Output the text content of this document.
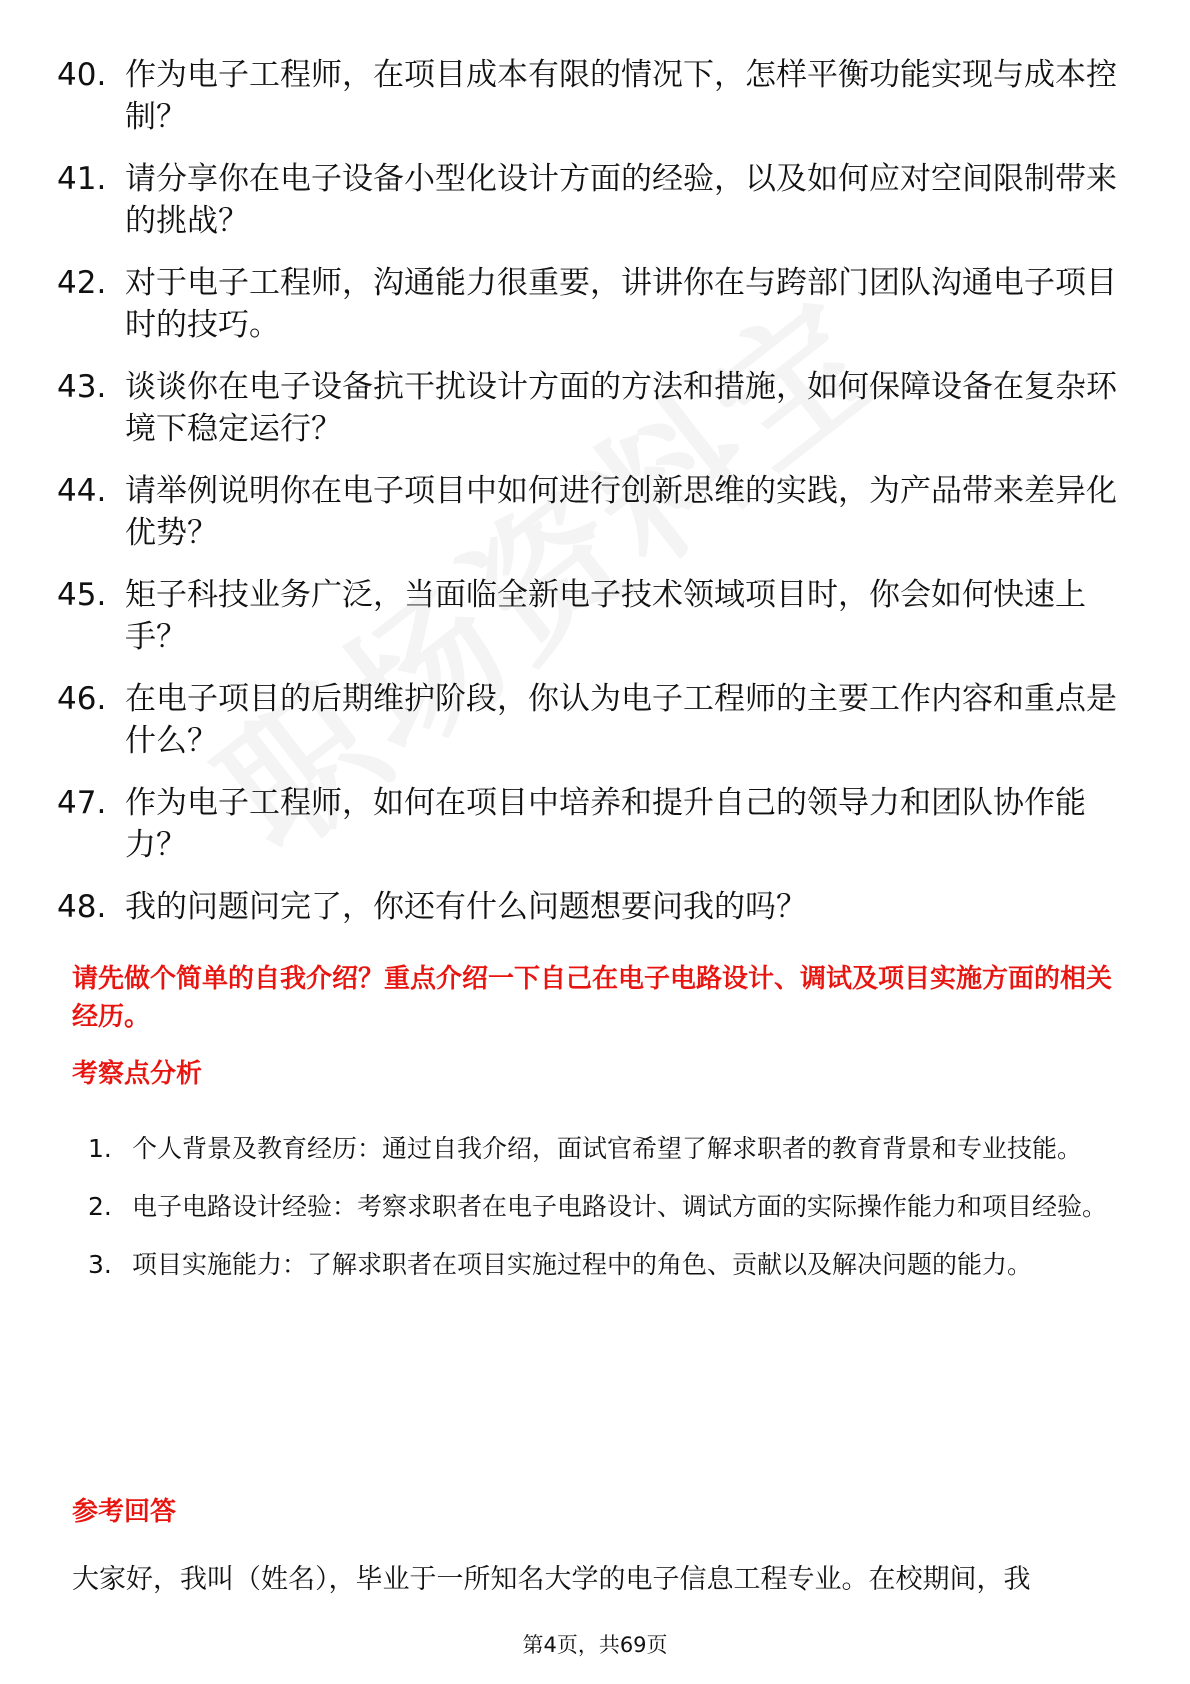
40. 作为电子工程师，在项目成本有限的情况下，怎样平衡功能实现与成本控制？
41. 请分享你在电子设备小型化设计方面的经验，以及如何应对空间限制带来的挑战？
42. 对于电子工程师，沟通能力很重要，讲讲你在与跨部门团队沟通电子项目时的技巧。
43. 谈谈你在电子设备抗干扰设计方面的方法和措施，如何保障设备在复杂环境下稳定运行？
44. 请举例说明你在电子项目中如何进行创新思维的实践，为产品带来差异化优势？
45. 矩子科技业务广泛，当面临全新电子技术领域项目时，你会如何快速上手？
46. 在电子项目的后期维护阶段，你认为电子工程师的主要工作内容和重点是什么？
47. 作为电子工程师，如何在项目中培养和提升自己的领导力和团队协作能力？
48. 我的问题问完了，你还有什么问题想要问我的吗？
请先做个简单的自我介绍？重点介绍一下自己在电子电路设计、调试及项目实施方面的相关经历。
考察点分析
1. 个人背景及教育经历：通过自我介绍，面试官希望了解求职者的教育背景和专业技能。
2. 电子电路设计经验：考察求职者在电子电路设计、调试方面的实际操作能力和项目经验。
3. 项目实施能力：了解求职者在项目实施过程中的角色、贡献以及解决问题的能力。
参考回答
大家好，我叫（姓名），毕业于一所知名大学的电子信息工程专业。在校期间，我
第4页，共69页
